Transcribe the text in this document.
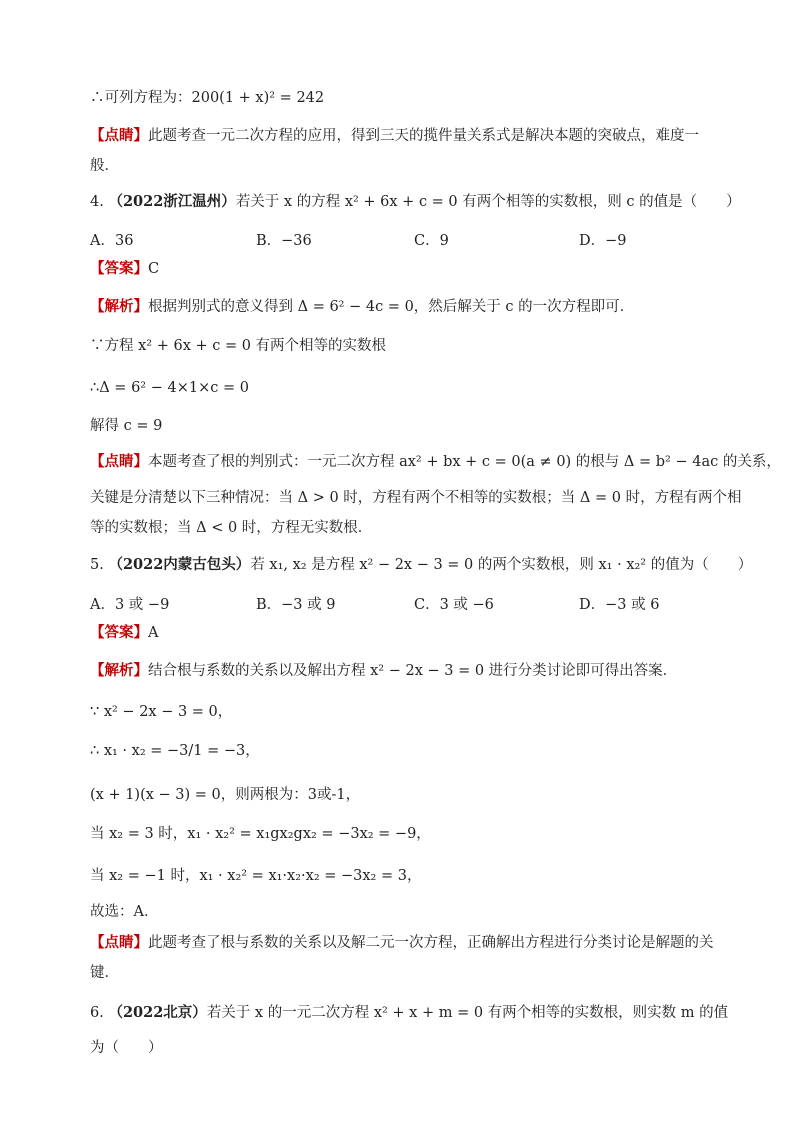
∴可列方程为：200(1 + x)² = 242
【点睛】此题考查一元二次方程的应用，得到三天的揽件量关系式是解决本题的突破点，难度一
般．
4. （2022浙江温州）若关于 x 的方程 x² + 6x + c = 0 有两个相等的实数根，则 c 的值是（　　）
A．36	B．−36	C．9	D．−9
【答案】C
【解析】根据判别式的意义得到 Δ = 6² − 4c = 0，然后解关于 c 的一次方程即可．
∵方程 x² + 6x + c = 0 有两个相等的实数根
∴Δ = 6² − 4×1×c = 0
解得 c = 9
【点睛】本题考查了根的判别式：一元二次方程 ax² + bx + c = 0(a ≠ 0) 的根与 Δ = b² − 4ac 的关系，
关键是分清楚以下三种情况：当 Δ > 0 时，方程有两个不相等的实数根；当 Δ = 0 时，方程有两个相
等的实数根；当 Δ < 0 时，方程无实数根．
5. （2022内蒙古包头）若 x₁, x₂ 是方程 x² − 2x − 3 = 0 的两个实数根，则 x₁ · x₂² 的值为（　　）
A．3 或 −9	B．−3 或 9	C．3 或 −6	D．−3 或 6
【答案】A
【解析】结合根与系数的关系以及解出方程 x² − 2x − 3 = 0 进行分类讨论即可得出答案．
∵ x² − 2x − 3 = 0，
∴ x₁ · x₂ = −3/1 = −3，
(x + 1)(x − 3) = 0，则两根为：3或-1，
当 x₂ = 3 时，x₁ · x₂² = x₁gx₂gx₂ = −3x₂ = −9，
当 x₂ = −1 时，x₁ · x₂² = x₁·x₂·x₂ = −3x₂ = 3，
故选：A．
【点睛】此题考查了根与系数的关系以及解二元一次方程，正确解出方程进行分类讨论是解题的关
键．
6. （2022北京）若关于 x 的一元二次方程 x² + x + m = 0 有两个相等的实数根，则实数 m 的值
为（　　）
